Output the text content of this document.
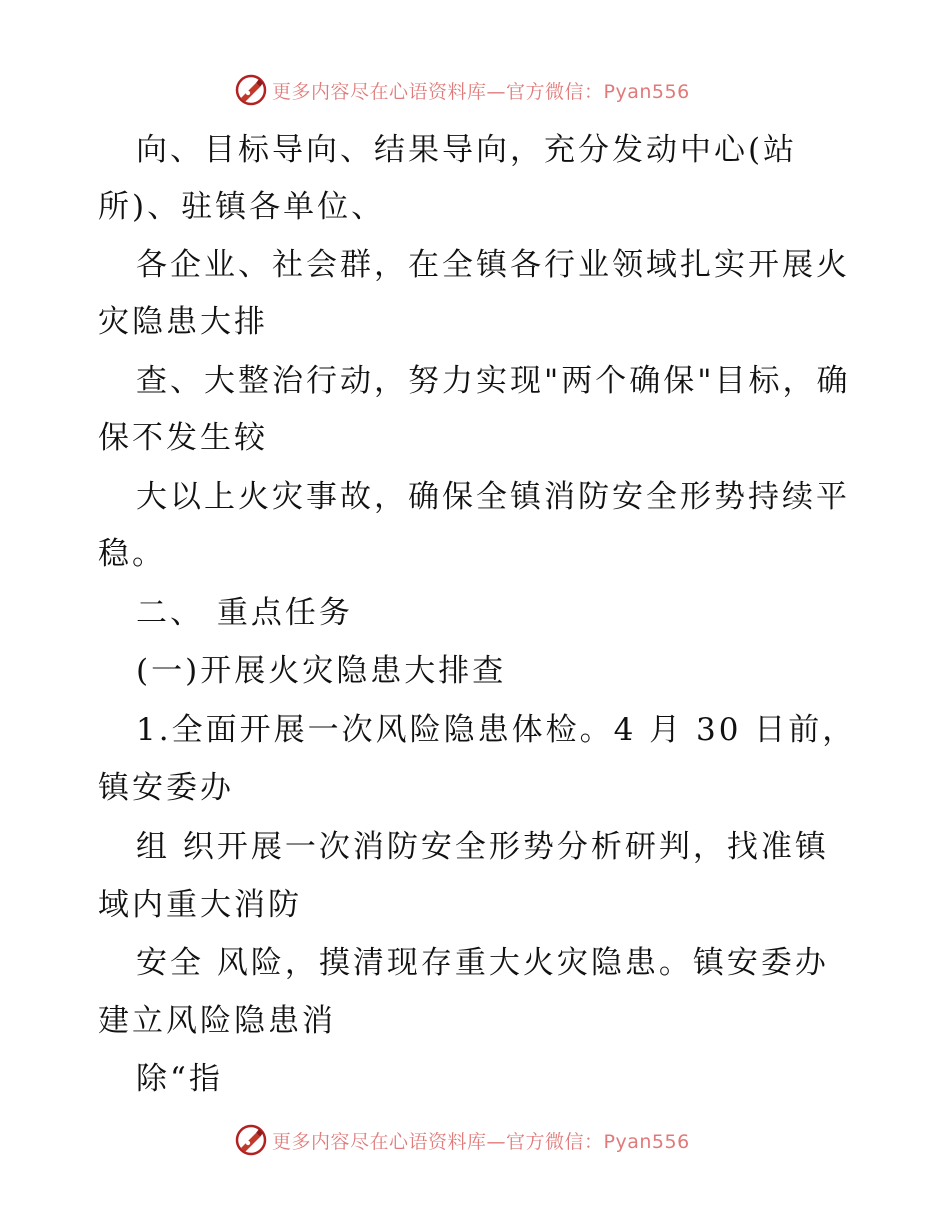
更多内容尽在心语资料库—官方微信：Pyan556
向、目标导向、结果导向，充分发动中心(站
所)、驻镇各单位、
各企业、社会群，在全镇各行业领域扎实开展火
灾隐患大排
查、大整治行动，努力实现"两个确保"目标，确
保不发生较
大以上火灾事故，确保全镇消防安全形势持续平
稳。
二、 重点任务
(一)开展火灾隐患大排查
1.全面开展一次风险隐患体检。4 月 30 日前，
镇安委办
组 织开展一次消防安全形势分析研判，找准镇
域内重大消防
安全 风险，摸清现存重大火灾隐患。镇安委办
建立风险隐患消
除“指
更多内容尽在心语资料库—官方微信：Pyan556
